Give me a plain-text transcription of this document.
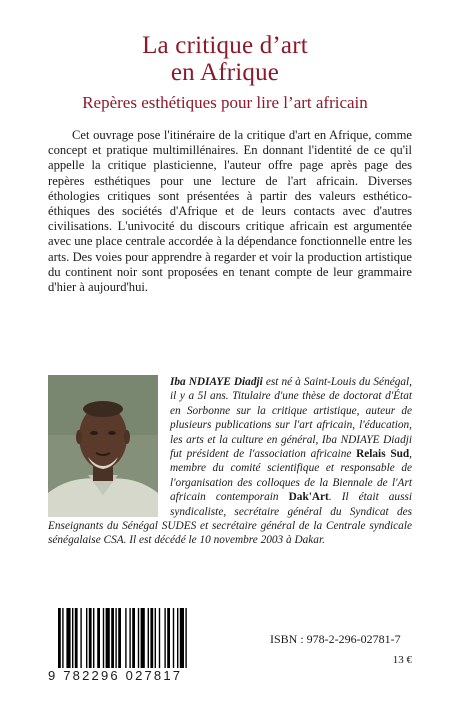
La critique d’art
en Afrique
Repères esthétiques pour lire l’art africain

Cet ouvrage pose l'itinéraire de la critique d'art en Afrique, comme concept et pratique multimillénaires. En donnant l'identité de ce qu'il appelle la critique plasticienne, l'auteur offre page après page des repères esthétiques pour une lecture de l'art africain. Diverses éthologies critiques sont présentées à partir des valeurs esthético-éthiques des sociétés d'Afrique et de leurs contacts avec d'autres civilisations. L'univocité du discours critique africain est argumentée avec une place centrale accordée à la dépendance fonctionnelle entre les arts. Des voies pour apprendre à regarder et voir la production artistique du continent noir sont proposées en tenant compte de leur grammaire d'hier à aujourd'hui.

Iba NDIAYE Diadji est né à Saint-Louis du Sénégal, il y a 5l ans. Titulaire d'une thèse de doctorat d'État en Sorbonne sur la critique artistique, auteur de plusieurs publications sur l'art africain, l'éducation, les arts et la culture en général, Iba NDIAYE Diadji fut président de l'association africaine Relais Sud, membre du comité scientifique et responsable de l'organisation des colloques de la Biennale de l'Art africain contemporain Dak'Art. Il était aussi syndicaliste, secrétaire général du Syndicat des Enseignants du Sénégal SUDES et secrétaire général de la Centrale syndicale sénégalaise CSA. Il est décédé le 10 novembre 2003 à Dakar.

9 782296 027817
ISBN : 978-2-296-02781-7
13 €
